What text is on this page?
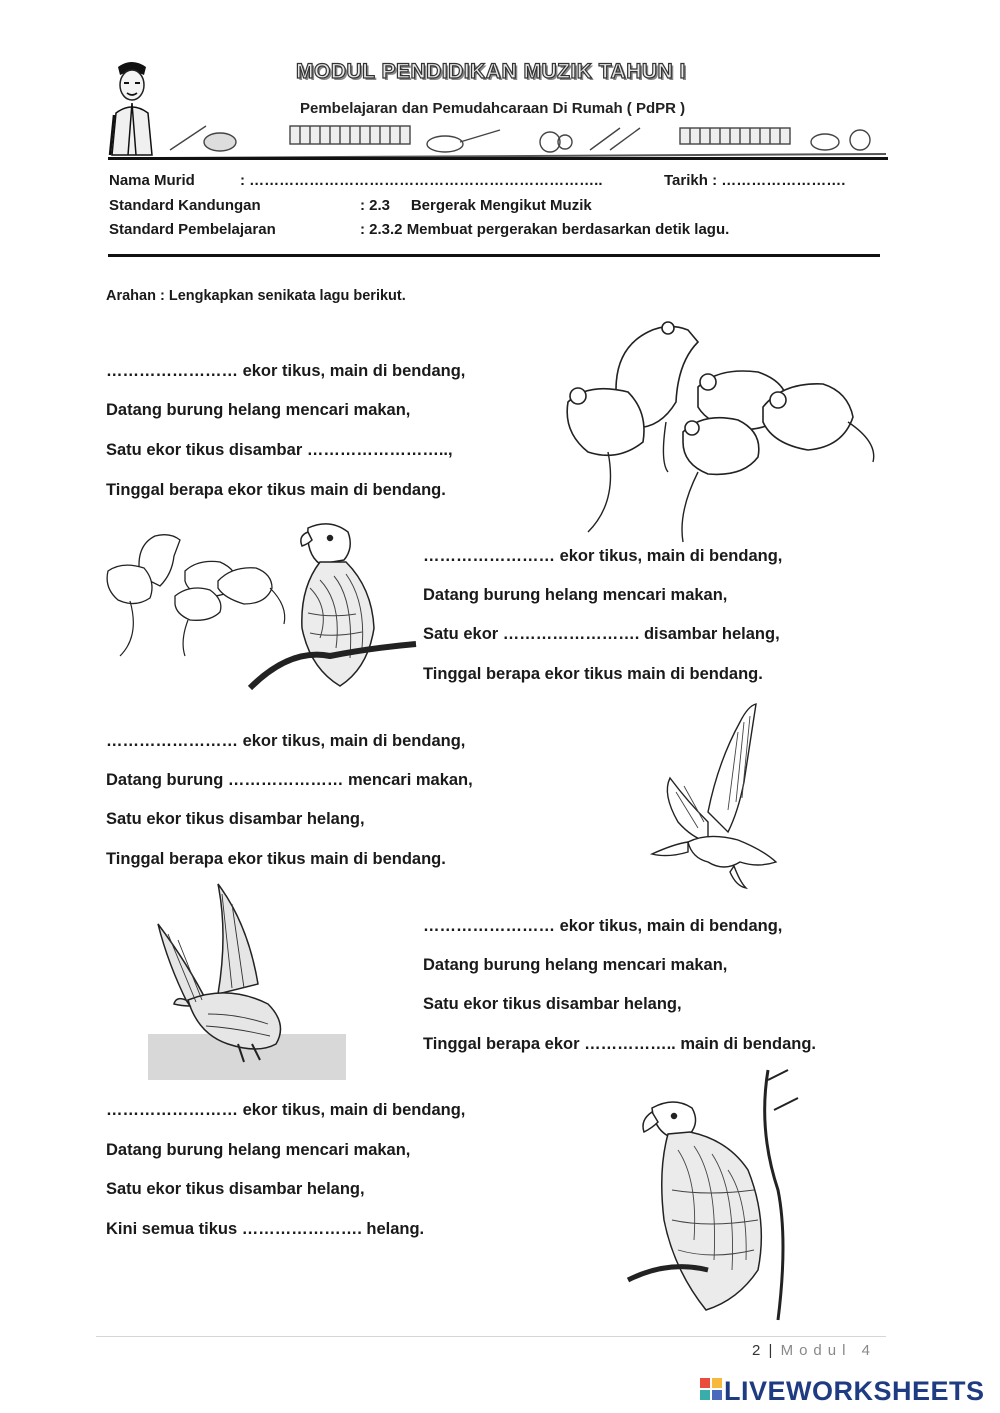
MODUL PENDIDIKAN MUZIK TAHUN I
Pembelajaran dan Pemudahcaraan Di Rumah ( PdPR )
Nama Murid	: ……………………………………………………………..	Tarikh : …………………….
Standard Kandungan	: 2.3     Bergerak Mengikut Muzik
Standard Pembelajaran	: 2.3.2 Membuat pergerakan berdasarkan detik lagu.
Arahan : Lengkapkan senikata lagu berikut.
…………………… ekor tikus, main di bendang,
Datang burung helang mencari makan,
Satu ekor tikus disambar ……………………..,
Tinggal berapa ekor tikus main di bendang.
…………………… ekor tikus, main di bendang,
Datang burung helang mencari makan,
Satu ekor ……………………. disambar helang,
Tinggal berapa ekor tikus main di bendang.
…………………… ekor tikus, main di bendang,
Datang burung ………………… mencari makan,
Satu ekor tikus disambar helang,
Tinggal berapa ekor tikus main di bendang.
…………………… ekor tikus, main di bendang,
Datang burung helang mencari makan,
Satu ekor tikus disambar helang,
Tinggal berapa ekor …………….. main di bendang.
…………………… ekor tikus, main di bendang,
Datang burung helang mencari makan,
Satu ekor tikus disambar helang,
Kini semua tikus …………………. helang.
2 | Modul 4
LIVEWORKSHEETS
